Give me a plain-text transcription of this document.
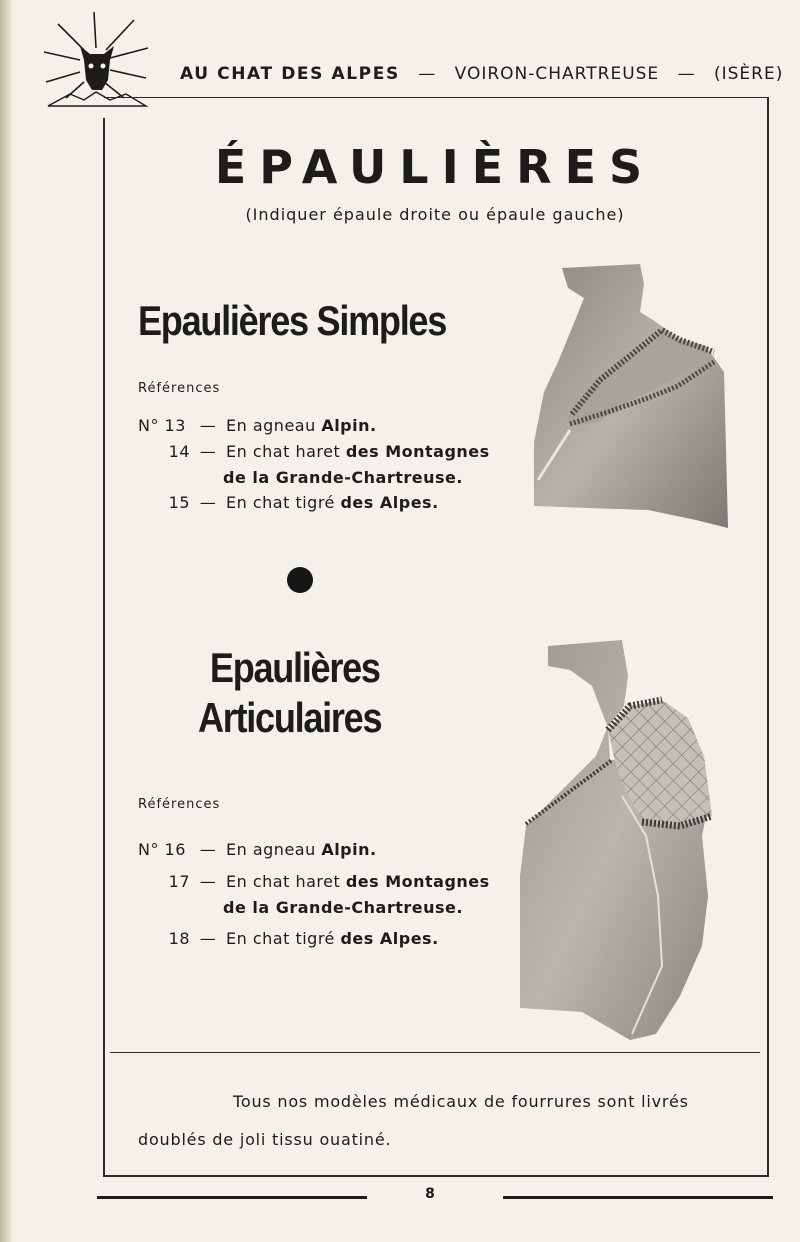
AU CHAT DES ALPES — VOIRON-CHARTREUSE — (ISÈRE)
ÉPAULIÈRES
(Indiquer épaule droite ou épaule gauche)
Epaulières Simples
Références
N° 13 — En agneau Alpin.
14 — En chat haret des Montagnes
de la Grande-Chartreuse.
15 — En chat tigré des Alpes.
Epaulières
Articulaires
Références
N° 16 — En agneau Alpin.
17 — En chat haret des Montagnes
de la Grande-Chartreuse.
18 — En chat tigré des Alpes.
Tous nos modèles médicaux de fourrures sont livrés doublés de joli tissu ouatiné.
8
